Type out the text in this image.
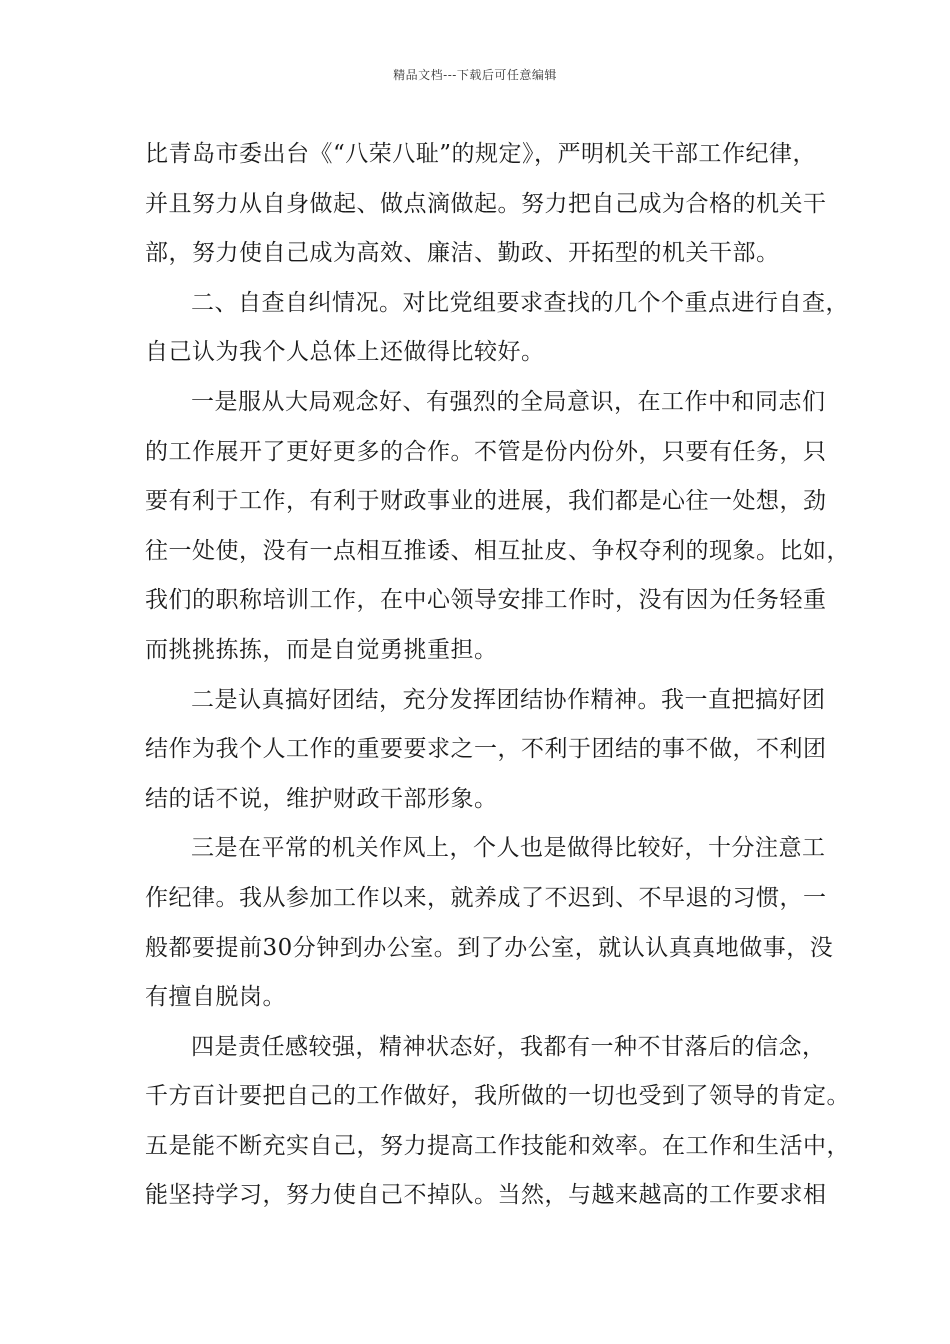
精品文档---下载后可任意编辑
比青岛市委出台《“八荣八耻”的规定》，严明机关干部工作纪律，
并且努力从自身做起、做点滴做起。努力把自己成为合格的机关干
部，努力使自己成为高效、廉洁、勤政、开拓型的机关干部。
二、自查自纠情况。对比党组要求查找的几个个重点进行自查，
自己认为我个人总体上还做得比较好。
一是服从大局观念好、有强烈的全局意识，在工作中和同志们
的工作展开了更好更多的合作。不管是份内份外，只要有任务，只
要有利于工作，有利于财政事业的进展，我们都是心往一处想，劲
往一处使，没有一点相互推诿、相互扯皮、争权夺利的现象。比如，
我们的职称培训工作，在中心领导安排工作时，没有因为任务轻重
而挑挑拣拣，而是自觉勇挑重担。
二是认真搞好团结，充分发挥团结协作精神。我一直把搞好团
结作为我个人工作的重要要求之一，不利于团结的事不做，不利团
结的话不说，维护财政干部形象。
三是在平常的机关作风上，个人也是做得比较好，十分注意工
作纪律。我从参加工作以来，就养成了不迟到、不早退的习惯，一
般都要提前30分钟到办公室。到了办公室，就认认真真地做事，没
有擅自脱岗。
四是责任感较强，精神状态好，我都有一种不甘落后的信念，
千方百计要把自己的工作做好，我所做的一切也受到了领导的肯定。
五是能不断充实自己，努力提高工作技能和效率。在工作和生活中，
能坚持学习，努力使自己不掉队。当然，与越来越高的工作要求相
